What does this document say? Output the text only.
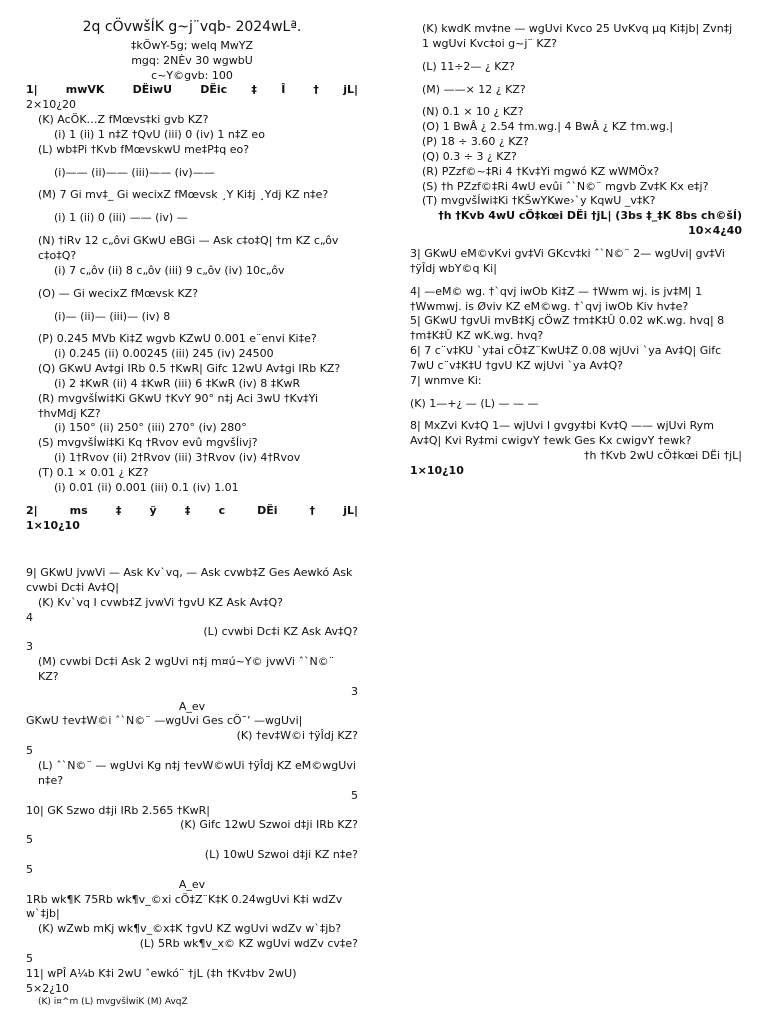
2q cÖvwšÍK g~j¨vqb- 2024wLª.
‡kÖwY-5g; welq MwYZ
mgq: 2NÈv 30 wgwbU
c~Y©gvb: 100
1| mwVK DËiwU DËic‡Î †jL|
2×10¿20
(K) AcÖK…Z fMœvs‡ki gvb KZ?
(i) 1 (ii) 1 n‡Z †QvU (iii) 0 (iv) 1 n‡Z eo
(L) wb‡Pi †Kvb fMœvskwU me‡P‡q eo?
(i)—— (ii)—— (iii)—— (iv)——
(M) 7 Gi mv‡_ Gi wecixZ fMœvsk ¸Y Ki‡j ¸Ydj KZ n‡e?
(i) 1 (ii) 0 (iii) —— (iv) —
(N) †iRv 12 c„ôvi GKwU eBGi — Ask c‡o‡Q| †m KZ c„ôv c‡o‡Q?
(i) 7 c„ôv (ii) 8 c„ôv (iii) 9 c„ôv (iv) 10c„ôv
(O) — Gi wecixZ fMœvsk KZ?
(i)— (ii)— (iii)— (iv) 8
(P) 0.245 MVb Ki‡Z wgvb KZwU 0.001 e¨envi Ki‡e?
(i) 0.245 (ii) 0.00245 (iii) 245 (iv) 24500
(Q) GKwU Av‡gi IRb 0.5 †KwR| Gifc 12wU Av‡gi IRb KZ?
(i) 2 ‡KwR (ii) 4 ‡KwR (iii) 6 ‡KwR (iv) 8 ‡KwR
(R) mvgvšÍwi‡Ki GKwU †KvY 90° n‡j Aci 3wU †Kv‡Yi †hvMdj KZ?
(i) 150° (ii) 250° (iii) 270° (iv) 280°
(S) mvgvšÍwi‡Ki Kq †Rvov evû mgvšÍivj?
(i) 1†Rvov (ii) 2†Rvov (iii) 3†Rvov (iv) 4†Rvov
(T) 0.1 × 0.01 ¿ KZ?
(i) 0.01 (ii) 0.001 (iii) 0.1 (iv) 1.01
2| ms‡ÿ‡c DËi †jL|
1×10¿10
(K) kwdK mv‡ne — wgUvi Kvco 25 UvKvq µq Ki‡jb| Zvn‡j 1 wgUvi Kvc‡oi g~j¨ KZ?
(L) 11÷2— ¿ KZ?
(M) ——× 12 ¿ KZ?
(N) 0.1 × 10 ¿ KZ?
(O) 1 BwÂ ¿ 2.54 †m.wg.| 4 BwÂ ¿ KZ †m.wg.|
(P) 18 ÷ 3.60 ¿ KZ?
(Q) 0.3 ÷ 3 ¿ KZ?
(R) PZzf©~‡Ri 4 †Kv‡Yi mgwó KZ wWMÖx?
(S) †h PZzf©‡Ri 4wU evûi ˆ`N©¨ mgvb Zv‡K Kx e‡j?
(T) mvgvšÍwi‡Ki †KŠwYKwe›`y KqwU _v‡K?
†h †Kvb 4wU cÖ‡kœi DËi †jL| (3bs ‡_‡K 8bs ch©šÍ)
10×4¿40

3| GKwU eM©vKvi gv‡Vi GKcv‡ki ˆ`N©¨ 2— wgUvi| gv‡Vi †ÿÎdj wbY©q Ki|

4| —eM© wg. †`qvj iwOb Ki‡Z — †Wwm wj. is jv‡M| 1 †Wwmwj. is Øviv KZ eM©wg. †`qvj iwOb Kiv hv‡e?

5| GKwU †gvUi mvB‡Kj cÖwZ †m‡K‡Û 0.02 wK.wg. hvq| 8 †m‡K‡Û KZ wK.wg. hvq?

6| 7 c¨v‡KU `y‡ai cÖ‡Z¨KwU‡Z 0.08 wjUvi `ya Av‡Q| Gifc 7wU c¨v‡K‡U †gvU KZ wjUvi `ya Av‡Q?

7| wnmve Ki:

(K) 1—+¿ — (L) — — —

8| MxZvi Kv‡Q 1— wjUvi I gvgy‡bi Kv‡Q —— wjUvi Rym Av‡Q| Kvi Ry‡mi cwigvY †ewk Ges Kx cwigvY †ewk?

†h †Kvb 2wU cÖ‡kœi DËi †jL|

1×10¿10

9| GKwU jvwVi — Ask Kv`vq, — Ask cvwb‡Z Ges Aewkó Ask cvwbi Dc‡i Av‡Q|

(K) Kv`vq I cvwb‡Z jvwVi †gvU KZ Ask Av‡Q?

4

(L) cvwbi Dc‡i KZ Ask Av‡Q?

3

(M) cvwbi Dc‡i Ask 2 wgUvi n‡j m¤ú~Y© jvwVi ˆ`N©¨ KZ?

3

A_ev

GKwU †ev‡W©i ˆ`N©¨ —wgUvi Ges cÖ¯’ —wgUvi|

(K) †ev‡W©i †ÿÎdj KZ?

5

(L) ˆ`N©¨ — wgUvi Kg n‡j †evW©wUi †ÿÎdj KZ eM©wgUvi n‡e?

5

10| GK Szwo d‡ji IRb 2.565 †KwR|

(K) Gifc 12wU Szwoi d‡ji IRb KZ?

5

(L) 10wU Szwoi d‡ji KZ n‡e?

5

A_ev

1Rb wk¶K 75Rb wk¶v_©xi cÖ‡Z¨K‡K 0.24wgUvi K‡i wdZv w`‡jb|

(K) wZwb mKj wk¶v_©x‡K †gvU KZ wgUvi wdZv w`‡jb?

(L) 5Rb wk¶v_x© KZ wgUvi wdZv cv‡e?

5

11| wPÎ A¼b K‡i 2wU ˆewkó¨ †jL (‡h †Kv‡bv 2wU)

5×2¿10

(K) i¤^m (L) mvgvšÍwiK (M) AvqZ
